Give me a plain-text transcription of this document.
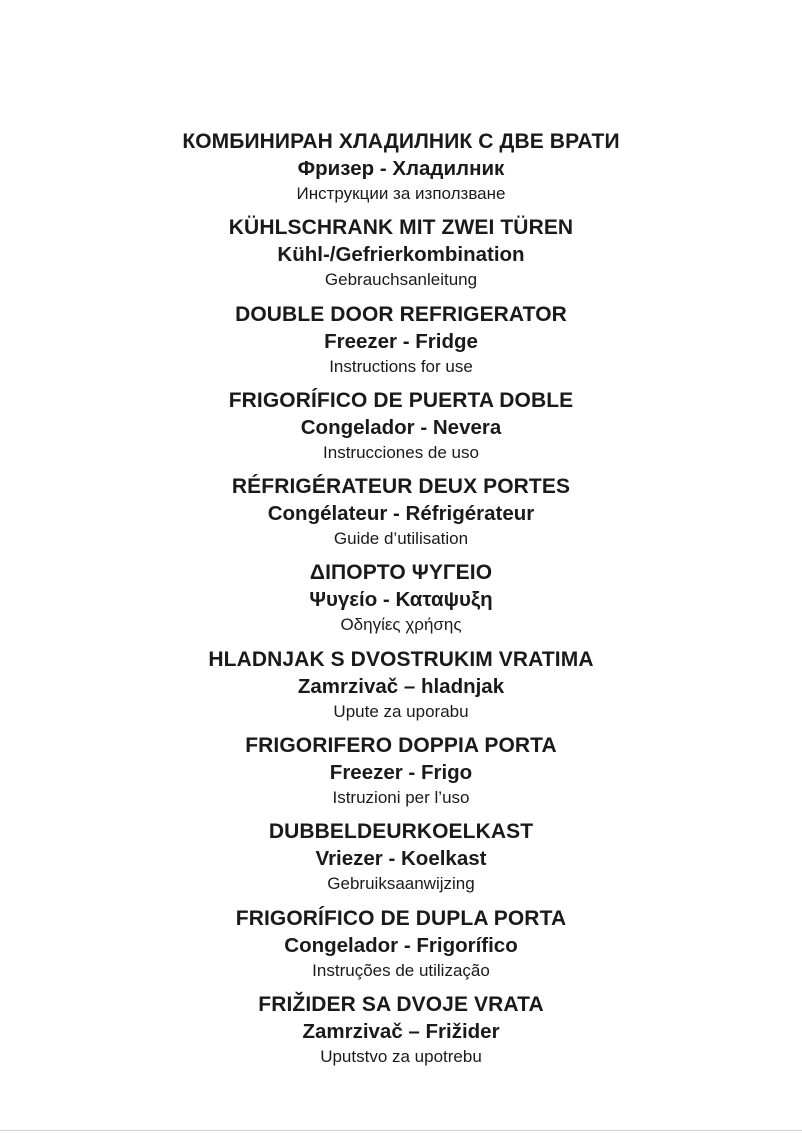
КОМБИНИРАН ХЛАДИЛНИК С ДВЕ ВРАТИ
Фризер - Хладилник
Инструкции за използване
KÜHLSCHRANK MIT ZWEI TÜREN
Kühl-/Gefrierkombination
Gebrauchsanleitung
DOUBLE DOOR REFRIGERATOR
Freezer - Fridge
Instructions for use
FRIGORÍFICO DE PUERTA DOBLE
Congelador - Nevera
Instrucciones de uso
RÉFRIGÉRATEUR DEUX PORTES
Congélateur - Réfrigérateur
Guide d’utilisation
ΔΙΠΟΡΤΟ ΨΥΓΕΙΟ
Ψυγείο - Καταψυξη
Οδηγίες χρήσης
HLADNJAK S DVOSTRUKIM VRATIMA
Zamrzivač – hladnjak
Upute za uporabu
FRIGORIFERO DOPPIA PORTA
Freezer - Frigo
Istruzioni per l’uso
DUBBELDEURKOELKAST
Vriezer - Koelkast
Gebruiksaanwijzing
FRIGORÍFICO DE DUPLA PORTA
Congelador - Frigorífico
Instruções de utilização
FRIŽIDER SA DVOJE VRATA
Zamrzivač – Frižider
Uputstvo za upotrebu
